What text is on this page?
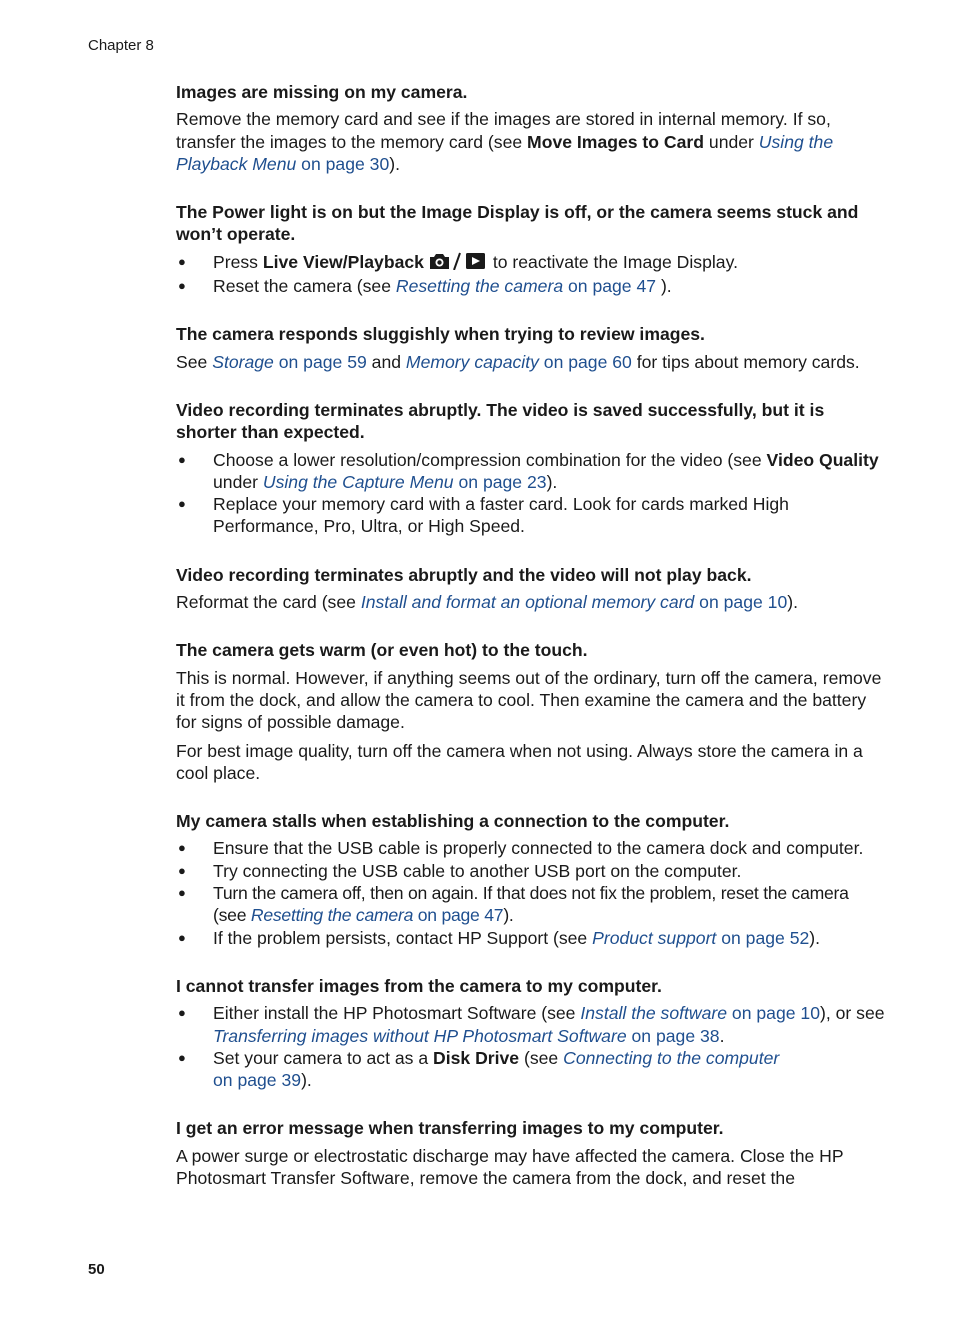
Chapter 8
Images are missing on my camera.

Remove the memory card and see if the images are stored in internal memory. If so, transfer the images to the memory card (see Move Images to Card under Using the Playback Menu on page 30).

The Power light is on but the Image Display is off, or the camera seems stuck and won’t operate.
● Press Live View/Playback	to reactivate the Image Display.
● Reset the camera (see Resetting the camera on page 47 ).
The camera responds sluggishly when trying to review images.

See Storage on page 59 and Memory capacity on page 60 for tips about memory cards.

Video recording terminates abruptly. The video is saved successfully, but it is shorter than expected.
● Choose a lower resolution/compression combination for the video (see Video Quality under Using the Capture Menu on page 23).
● Replace your memory card with a faster card. Look for cards marked High Performance, Pro, Ultra, or High Speed.
Video recording terminates abruptly and the video will not play back.

Reformat the card (see Install and format an optional memory card on page 10).

The camera gets warm (or even hot) to the touch.

This is normal. However, if anything seems out of the ordinary, turn off the camera, remove it from the dock, and allow the camera to cool. Then examine the camera and the battery for signs of possible damage.

For best image quality, turn off the camera when not using. Always store the camera in a cool place.

My camera stalls when establishing a connection to the computer.
● Ensure that the USB cable is properly connected to the camera dock and computer.
● Try connecting the USB cable to another USB port on the computer.
● Turn the camera off, then on again. If that does not fix the problem, reset the camera (see Resetting the camera on page 47).
● If the problem persists, contact HP Support (see Product support on page 52).
I cannot transfer images from the camera to my computer.
● Either install the HP Photosmart Software (see Install the software on page 10), or see Transferring images without HP Photosmart Software on page 38.
● Set your camera to act as a Disk Drive (see Connecting to the computer
on page 39).
I get an error message when transferring images to my computer.

A power surge or electrostatic discharge may have affected the camera. Close the HP Photosmart Transfer Software, remove the camera from the dock, and reset the

50
